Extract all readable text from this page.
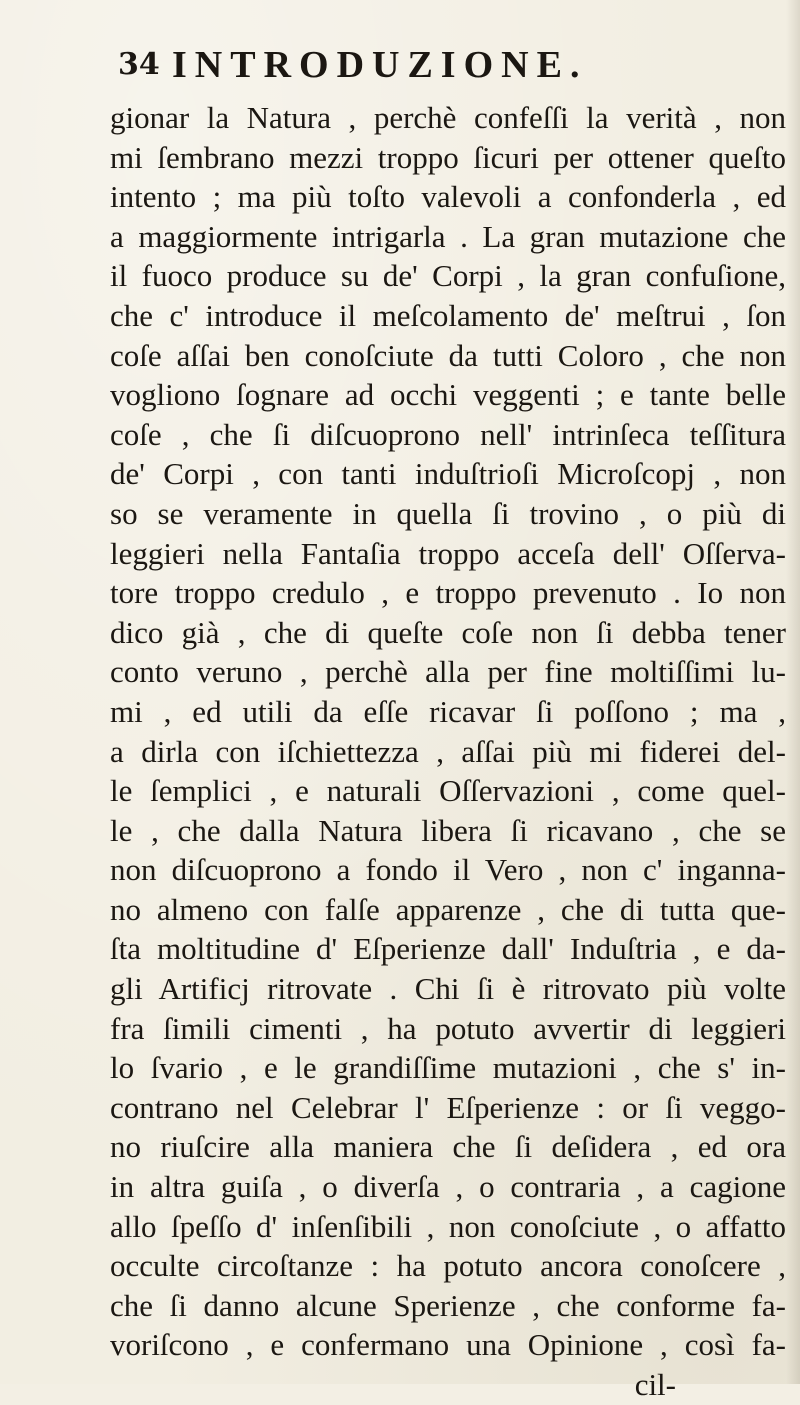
34 INTRODUZIONE.
gionar la Natura , perchè confeſſi la verità , non
mi ſembrano mezzi troppo ſicuri per ottener queſto
intento ; ma più toſto valevoli a confonderla , ed
a maggiormente intrigarla . La gran mutazione che
il fuoco produce su de' Corpi , la gran confuſione,
che c' introduce il meſcolamento de' meſtrui , ſon
coſe aſſai ben conoſciute da tutti Coloro , che non
vogliono ſognare ad occhi veggenti ; e tante belle
coſe , che ſi diſcuoprono nell' intrinſeca teſſitura
de' Corpi , con tanti induſtrioſi Microſcopj , non
so se veramente in quella ſi trovino , o più di
leggieri nella Fantaſia troppo acceſa dell' Oſſerva-
tore troppo credulo , e troppo prevenuto . Io non
dico già , che di queſte coſe non ſi debba tener
conto veruno , perchè alla per fine moltiſſimi lu-
mi , ed utili da eſſe ricavar ſi poſſono ; ma ,
a dirla con iſchiettezza , aſſai più mi fiderei del-
le ſemplici , e naturali Oſſervazioni , come quel-
le , che dalla Natura libera ſi ricavano , che se
non diſcuoprono a fondo il Vero , non c' inganna-
no almeno con falſe apparenze , che di tutta que-
ſta moltitudine d' Eſperienze dall' Induſtria , e da-
gli Artificj ritrovate . Chi ſi è ritrovato più volte
fra ſimili cimenti , ha potuto avvertir di leggieri
lo ſvario , e le grandiſſime mutazioni , che s' in-
contrano nel Celebrar l' Eſperienze : or ſi veggo-
no riuſcire alla maniera che ſi deſidera , ed ora
in altra guiſa , o diverſa , o contraria , a cagione
allo ſpeſſo d' inſenſibili , non conoſciute , o affatto
occulte circoſtanze : ha potuto ancora conoſcere ,
che ſi danno alcune Sperienze , che conforme fa-
voriſcono , e confermano una Opinione , così fa-
cil-
